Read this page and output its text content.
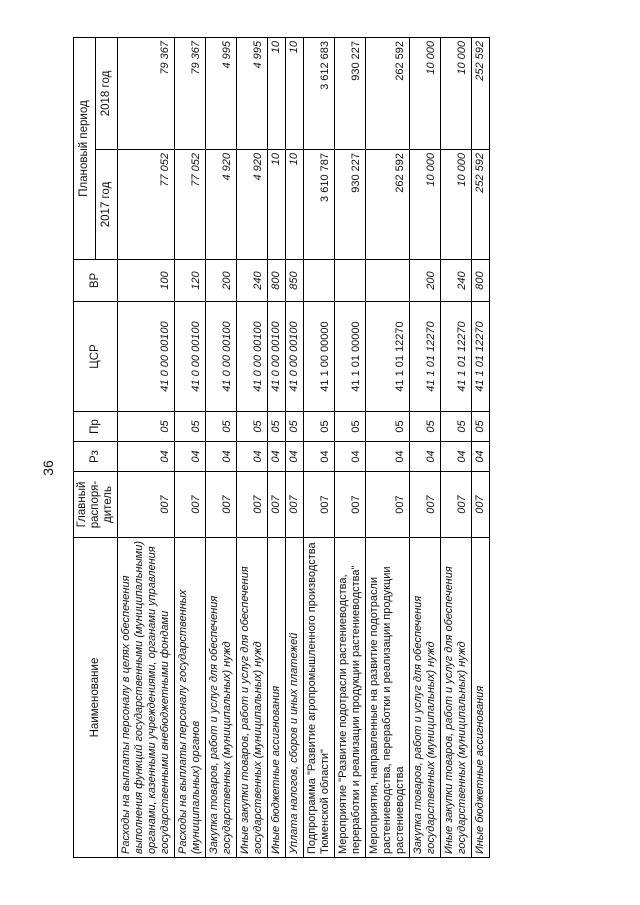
36
Наименование	Главный распоря-дитель	Рз	Пр	ЦСР	ВР	Плановый период	
						2017 год	2018 год
Расходы на выплаты персоналу в целях обеспечения выполнения функций государственными (муниципальными) органами, казенными учреждениями, органами управления государственными внебюджетными фондами	007	04	05	41 0 00 00100	100	77 052	79 367
Расходы на выплаты персоналу государственных (муниципальных) органов	007	04	05	41 0 00 00100	120	77 052	79 367
Закупка товаров, работ и услуг для обеспечения государственных (муниципальных) нужд	007	04	05	41 0 00 00100	200	4 920	4 995
Иные закупки товаров, работ и услуг для обеспечения государственных (муниципальных) нужд	007	04	05	41 0 00 00100	240	4 920	4 995
Иные бюджетные ассигнования	007	04	05	41 0 00 00100	800	10	10
Уплата налогов, сборов и иных платежей	007	04	05	41 0 00 00100	850	10	10
Подпрограмма "Развитие агропромышленного производства Тюменской области"	007	04	05	41 1 00 00000		3 610 787	3 612 683
Мероприятие "Развитие подотрасли растениеводства, переработки и реализации продукции растениеводства"	007	04	05	41 1 01 00000		930 227	930 227
Мероприятия, направленные на развитие подотрасли растениеводства, переработки и реализации продукции растениеводства	007	04	05	41 1 01 12270		262 592	262 592
Закупка товаров, работ и услуг для обеспечения государственных (муниципальных) нужд	007	04	05	41 1 01 12270	200	10 000	10 000
Иные закупки товаров, работ и услуг для обеспечения государственных (муниципальных) нужд	007	04	05	41 1 01 12270	240	10 000	10 000
Иные бюджетные ассигнования	007	04	05	41 1 01 12270	800	252 592	252 592
